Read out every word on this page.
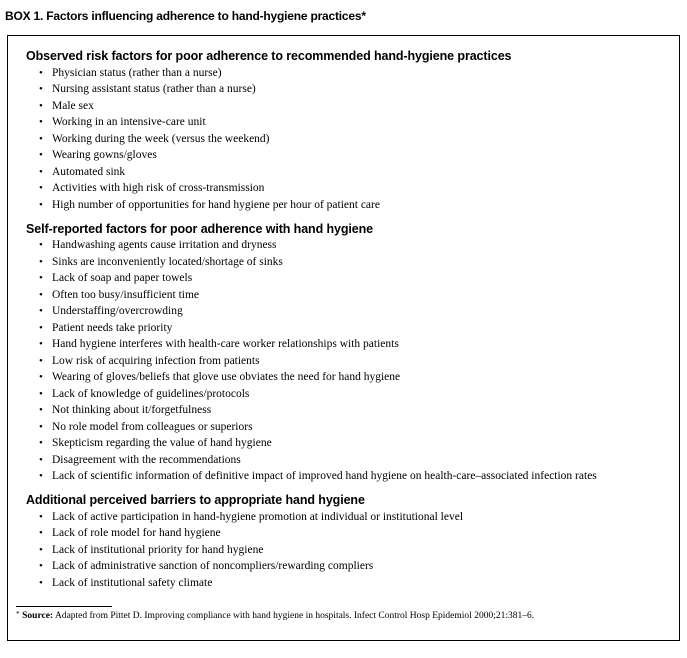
BOX 1. Factors influencing adherence to hand-hygiene practices*
Observed risk factors for poor adherence to recommended hand-hygiene practices
• Physician status (rather than a nurse)
• Nursing assistant status (rather than a nurse)
• Male sex
• Working in an intensive-care unit
• Working during the week (versus the weekend)
• Wearing gowns/gloves
• Automated sink
• Activities with high risk of cross-transmission
• High number of opportunities for hand hygiene per hour of patient care
Self-reported factors for poor adherence with hand hygiene
• Handwashing agents cause irritation and dryness
• Sinks are inconveniently located/shortage of sinks
• Lack of soap and paper towels
• Often too busy/insufficient time
• Understaffing/overcrowding
• Patient needs take priority
• Hand hygiene interferes with health-care worker relationships with patients
• Low risk of acquiring infection from patients
• Wearing of gloves/beliefs that glove use obviates the need for hand hygiene
• Lack of knowledge of guidelines/protocols
• Not thinking about it/forgetfulness
• No role model from colleagues or superiors
• Skepticism regarding the value of hand hygiene
• Disagreement with the recommendations
• Lack of scientific information of definitive impact of improved hand hygiene on health-care–associated infection rates
Additional perceived barriers to appropriate hand hygiene
• Lack of active participation in hand-hygiene promotion at individual or institutional level
• Lack of role model for hand hygiene
• Lack of institutional priority for hand hygiene
• Lack of administrative sanction of noncompliers/rewarding compliers
• Lack of institutional safety climate

* Source: Adapted from Pittet D. Improving compliance with hand hygiene in hospitals. Infect Control Hosp Epidemiol 2000;21:381–6.
